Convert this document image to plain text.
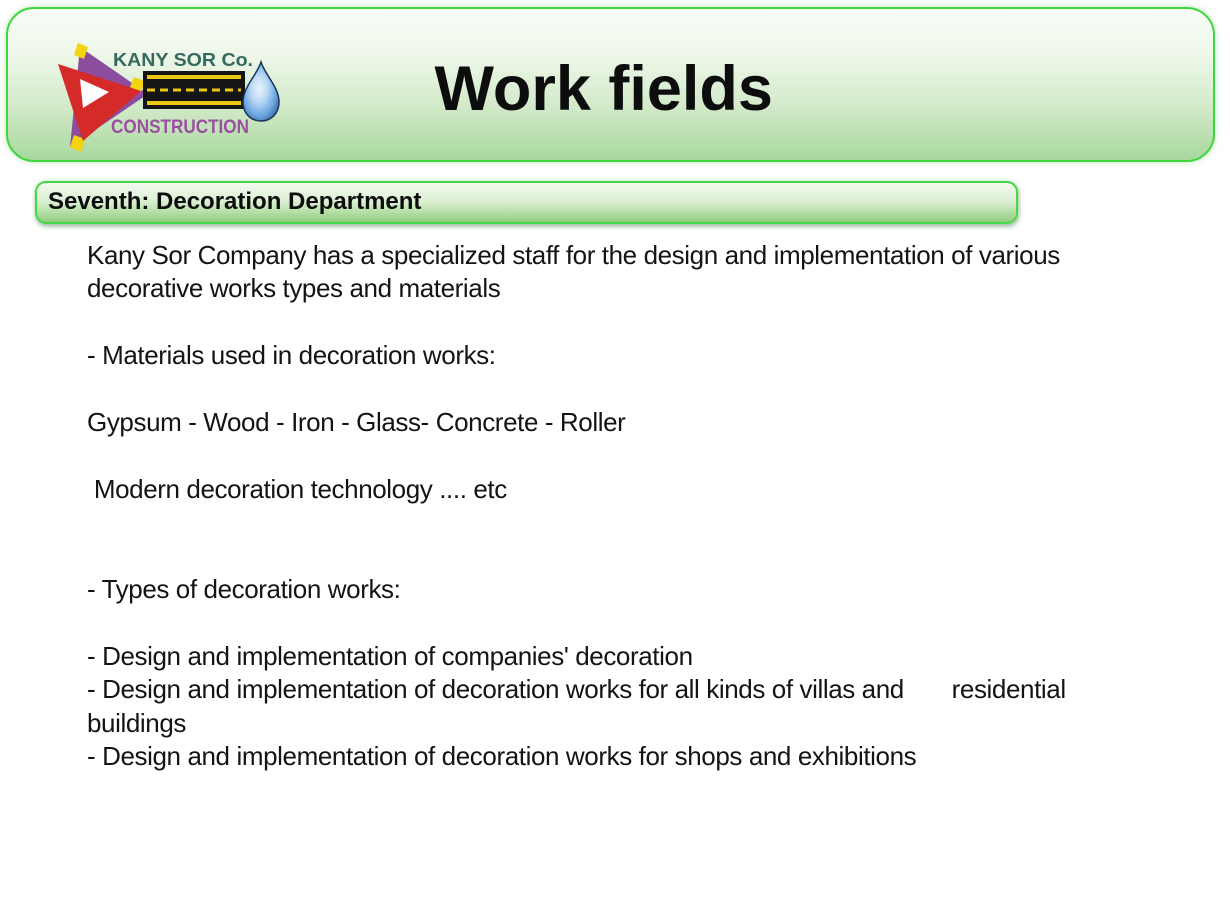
KANY SOR Co.
CONSTRUCTION
Work fields
Seventh: Decoration Department
Kany Sor Company has a specialized staff for the design and implementation of various
decorative works types and materials
- Materials used in decoration works:
Gypsum - Wood - Iron - Glass- Concrete - Roller
Modern decoration technology .... etc
- Types of decoration works:
- Design and implementation of companies' decoration
- Design and implementation of decoration works for all kinds of villas and       residential
buildings
- Design and implementation of decoration works for shops and exhibitions
